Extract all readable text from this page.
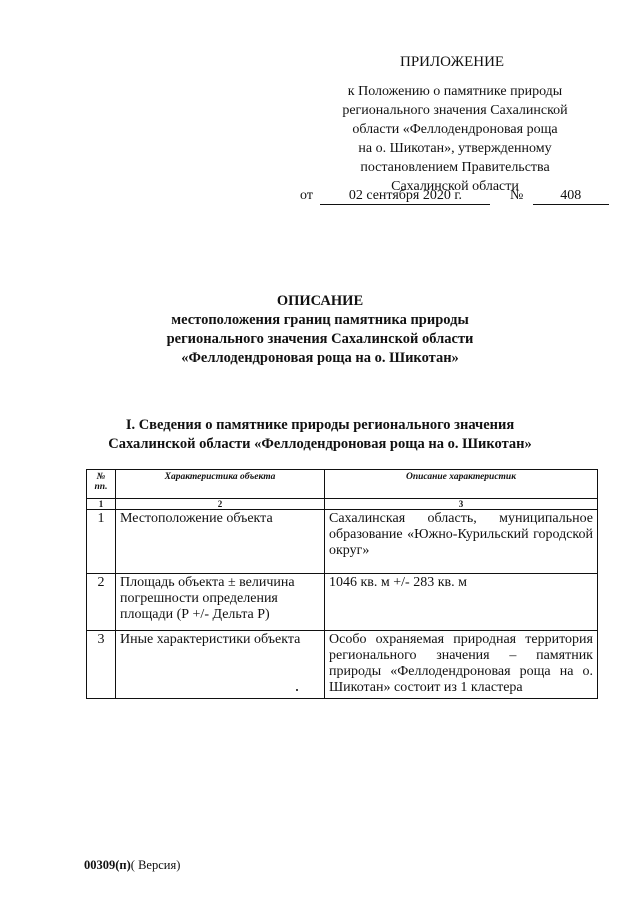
ПРИЛОЖЕНИЕ
к Положению о памятнике природы
регионального значения Сахалинской
области «Феллодендроновая роща
на о. Шикотан», утвержденному
постановлением Правительства
Сахалинской области
от	02 сентября 2020 г.	№	408
ОПИСАНИЕ
местоположения границ памятника природы
регионального значения Сахалинской области
«Феллодендроновая роща на о. Шикотан»
I. Сведения о памятнике природы регионального значения
Сахалинской области «Феллодендроновая роща на о. Шикотан»
№ пп.	Характеристика объекта	Описание характеристик
1	2	3
1	Местоположение объекта	Сахалинская область, муниципальное образование «Южно-Курильский городской округ»
2	Площадь объекта ± величина погрешности определения площади (Р +/- Дельта Р)	1046 кв. м +/- 283 кв. м
3	Иные характеристики объекта	Особо охраняемая природная территория регионального значения – памятник природы «Феллодендроновая роща на о. Шикотан» состоит из 1 кластера
00309(п)( Версия)
